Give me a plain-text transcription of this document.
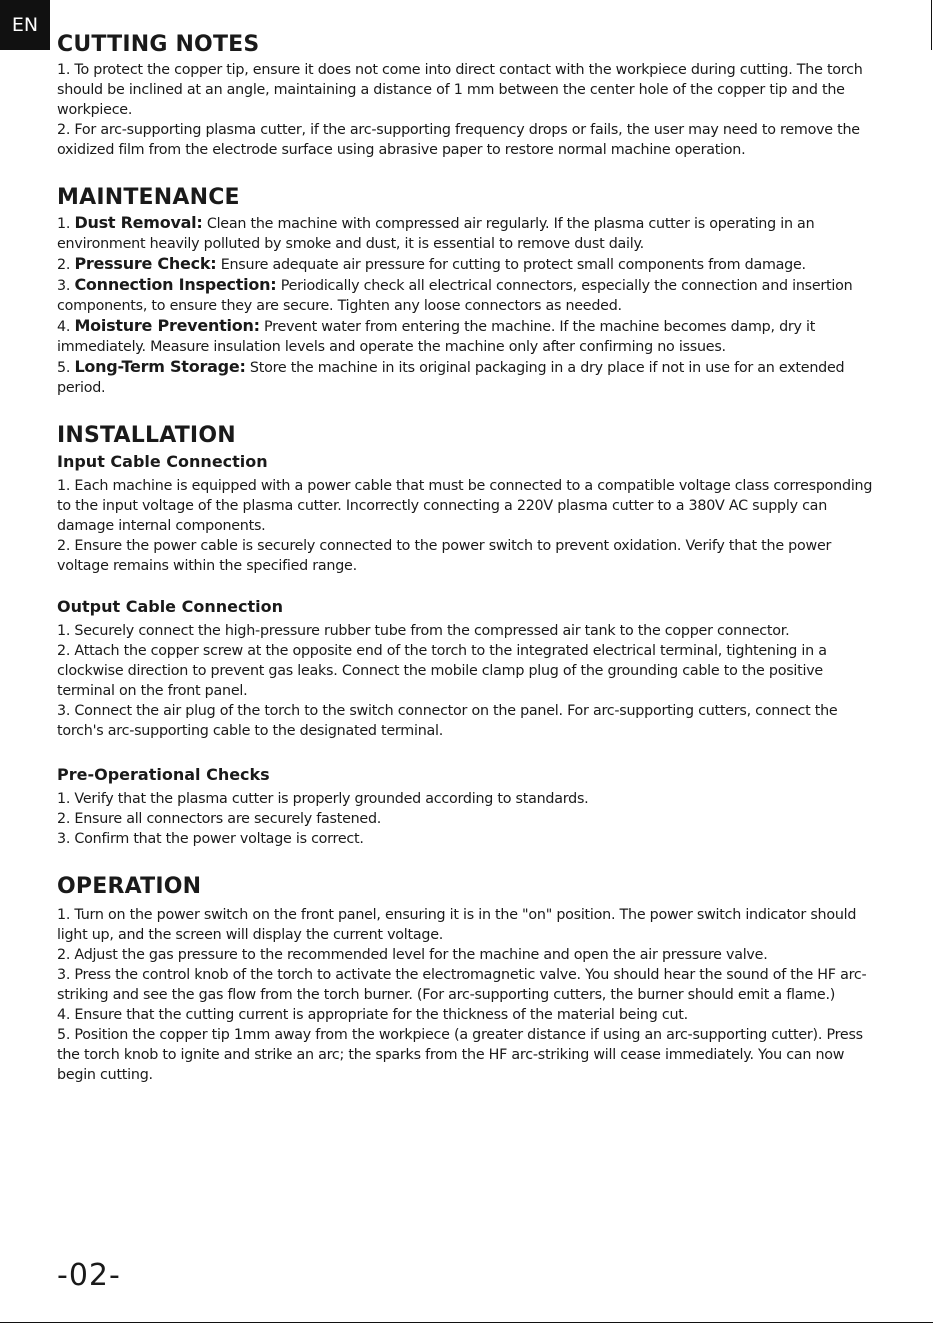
EN
CUTTING NOTES

1. To protect the copper tip, ensure it does not come into direct contact with the workpiece during cutting. The torch should be inclined at an angle, maintaining a distance of 1 mm between the center hole of the copper tip and the workpiece.

2. For arc-supporting plasma cutter, if the arc-supporting frequency drops or fails, the user may need to remove the oxidized film from the electrode surface using abrasive paper to restore normal machine operation.

MAINTENANCE

1. Dust Removal: Clean the machine with compressed air regularly. If the plasma cutter is operating in an environment heavily polluted by smoke and dust, it is essential to remove dust daily.

2. Pressure Check: Ensure adequate air pressure for cutting to protect small components from damage.

3. Connection Inspection: Periodically check all electrical connectors, especially the connection and insertion components, to ensure they are secure. Tighten any loose connectors as needed.

4. Moisture Prevention: Prevent water from entering the machine. If the machine becomes damp, dry it immediately. Measure insulation levels and operate the machine only after confirming no issues.

5. Long-Term Storage: Store the machine in its original packaging in a dry place if not in use for an extended period.

INSTALLATION
Input Cable Connection

1. Each machine is equipped with a power cable that must be connected to a compatible voltage class corresponding to the input voltage of the plasma cutter. Incorrectly connecting a 220V plasma cutter to a 380V AC supply can damage internal components.

2. Ensure the power cable is securely connected to the power switch to prevent oxidation. Verify that the power voltage remains within the specified range.

Output Cable Connection

1. Securely connect the high-pressure rubber tube from the compressed air tank to the copper connector.

2. Attach the copper screw at the opposite end of the torch to the integrated electrical terminal, tightening in a clockwise direction to prevent gas leaks. Connect the mobile clamp plug of the grounding cable to the positive terminal on the front panel.

3. Connect the air plug of the torch to the switch connector on the panel. For arc-supporting cutters, connect the torch's arc-supporting cable to the designated terminal.

Pre-Operational Checks

1. Verify that the plasma cutter is properly grounded according to standards.

2. Ensure all connectors are securely fastened.

3. Confirm that the power voltage is correct.

OPERATION

1. Turn on the power switch on the front panel, ensuring it is in the "on" position. The power switch indicator should light up, and the screen will display the current voltage.

2. Adjust the gas pressure to the recommended level for the machine and open the air pressure valve.

3. Press the control knob of the torch to activate the electromagnetic valve. You should hear the sound of the HF arc-striking and see the gas flow from the torch burner. (For arc-supporting cutters, the burner should emit a flame.)

4. Ensure that the cutting current is appropriate for the thickness of the material being cut.

5. Position the copper tip 1mm away from the workpiece (a greater distance if using an arc-supporting cutter). Press the torch knob to ignite and strike an arc; the sparks from the HF arc-striking will cease immediately. You can now begin cutting.

-02-
